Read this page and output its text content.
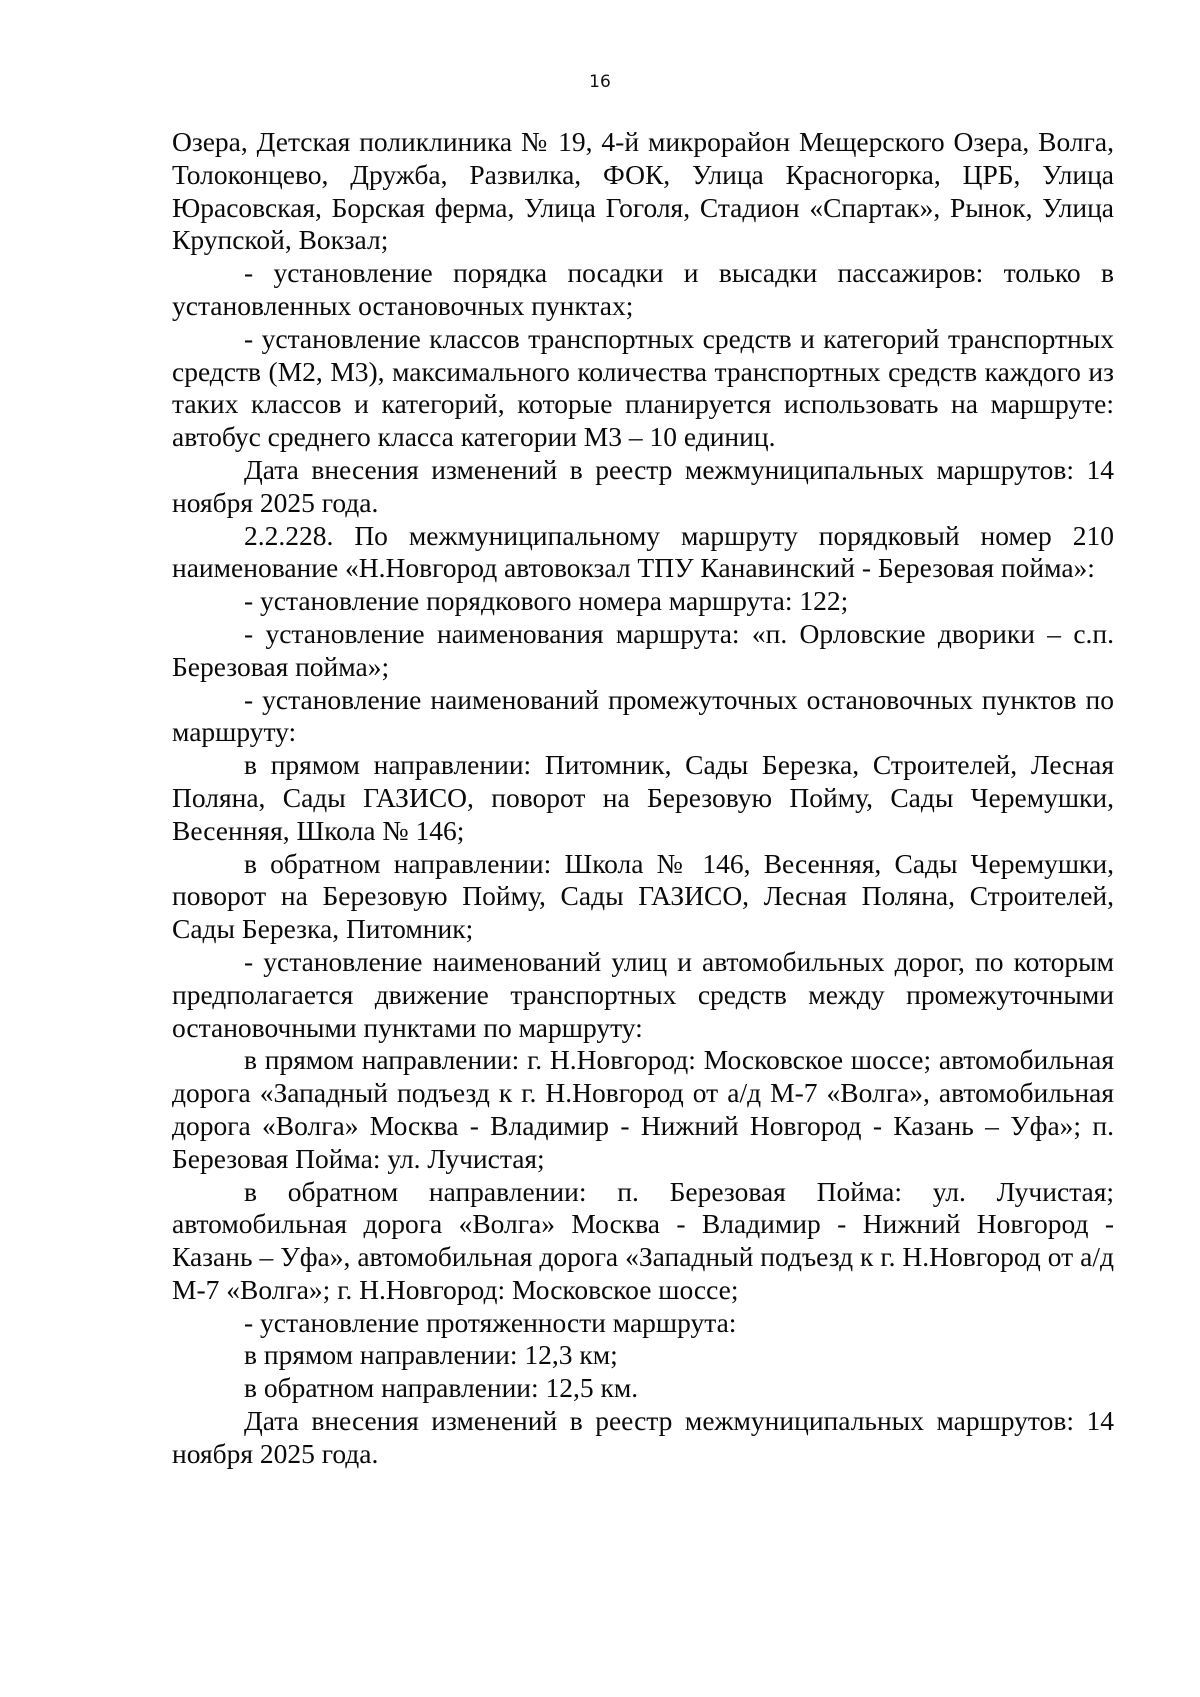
16

Озера, Детская поликлиника № 19, 4-й микрорайон Мещерского Озера, Волга, Толоконцево, Дружба, Развилка, ФОК, Улица Красногорка, ЦРБ, Улица Юрасовская, Борская ферма, Улица Гоголя, Стадион «Спартак», Рынок, Улица Крупской, Вокзал;

- установление порядка посадки и высадки пассажиров: только в установленных остановочных пунктах;

- установление классов транспортных средств и категорий транспортных средств (М2, М3), максимального количества транспортных средств каждого из таких классов и категорий, которые планируется использовать на маршруте: автобус среднего класса категории М3 – 10 единиц.

Дата внесения изменений в реестр межмуниципальных маршрутов: 14 ноября 2025 года.

2.2.228. По межмуниципальному маршруту порядковый номер 210 наименование «Н.Новгород автовокзал ТПУ Канавинский - Березовая пойма»:

- установление порядкового номера маршрута: 122;

- установление наименования маршрута: «п. Орловские дворики – с.п. Березовая пойма»;

- установление наименований промежуточных остановочных пунктов по маршруту:

в прямом направлении: Питомник, Сады Березка, Строителей, Лесная Поляна, Сады ГАЗИСО, поворот на Березовую Пойму, Сады Черемушки, Весенняя, Школа № 146;

в обратном направлении: Школа № 146, Весенняя, Сады Черемушки, поворот на Березовую Пойму, Сады ГАЗИСО, Лесная Поляна, Строителей, Сады Березка, Питомник;

- установление наименований улиц и автомобильных дорог, по которым предполагается движение транспортных средств между промежуточными остановочными пунктами по маршруту:

в прямом направлении: г. Н.Новгород: Московское шоссе; автомобильная дорога «Западный подъезд к г. Н.Новгород от а/д М-7 «Волга», автомобильная дорога «Волга» Москва - Владимир - Нижний Новгород - Казань – Уфа»; п. Березовая Пойма: ул. Лучистая;

в обратном направлении: п. Березовая Пойма: ул. Лучистая; автомобильная дорога «Волга» Москва - Владимир - Нижний Новгород - Казань – Уфа», автомобильная дорога «Западный подъезд к г. Н.Новгород от а/д М-7 «Волга»; г. Н.Новгород: Московское шоссе;

- установление протяженности маршрута:

в прямом направлении: 12,3 км;

в обратном направлении: 12,5 км.

Дата внесения изменений в реестр межмуниципальных маршрутов: 14 ноября 2025 года.
